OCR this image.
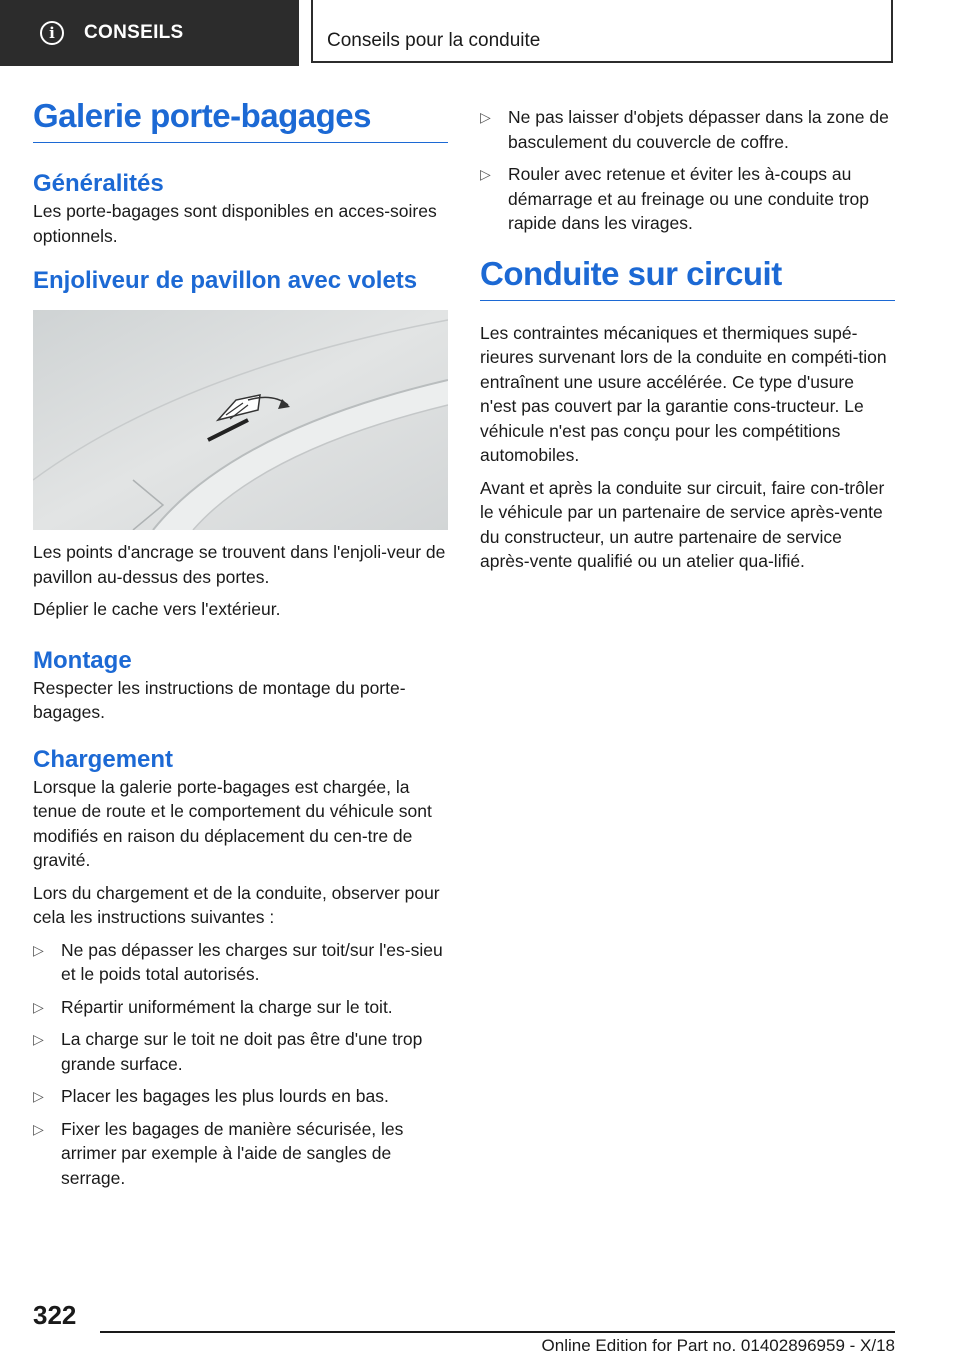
i	CONSEILS	Conseils pour la conduite
Galerie porte-bagages
Généralités

Les porte-bagages sont disponibles en acces-soires optionnels.

Enjoliveur de pavillon avec volets

Les points d'ancrage se trouvent dans l'enjoli-veur de pavillon au-dessus des portes.

Déplier le cache vers l'extérieur.

Montage

Respecter les instructions de montage du porte-bagages.

Chargement

Lorsque la galerie porte-bagages est chargée, la tenue de route et le comportement du véhicule sont modifiés en raison du déplacement du cen-tre de gravité.

Lors du chargement et de la conduite, observer pour cela les instructions suivantes :

▷ Ne pas dépasser les charges sur toit/sur l'es-sieu et le poids total autorisés.
▷ Répartir uniformément la charge sur le toit.
▷ La charge sur le toit ne doit pas être d'une trop grande surface.
▷ Placer les bagages les plus lourds en bas.
▷ Fixer les bagages de manière sécurisée, les arrimer par exemple à l'aide de sangles de serrage.
▷ Ne pas laisser d'objets dépasser dans la zone de basculement du couvercle de coffre.
▷ Rouler avec retenue et éviter les à-coups au démarrage et au freinage ou une conduite trop rapide dans les virages.
Conduite sur circuit

Les contraintes mécaniques et thermiques supé-rieures survenant lors de la conduite en compéti-tion entraînent une usure accélérée. Ce type d'usure n'est pas couvert par la garantie cons-tructeur. Le véhicule n'est pas conçu pour les compétitions automobiles.

Avant et après la conduite sur circuit, faire con-trôler le véhicule par un partenaire de service après-vente du constructeur, un autre partenaire de service après-vente qualifié ou un atelier qua-lifié.

322
Online Edition for Part no. 01402896959 - X/18
